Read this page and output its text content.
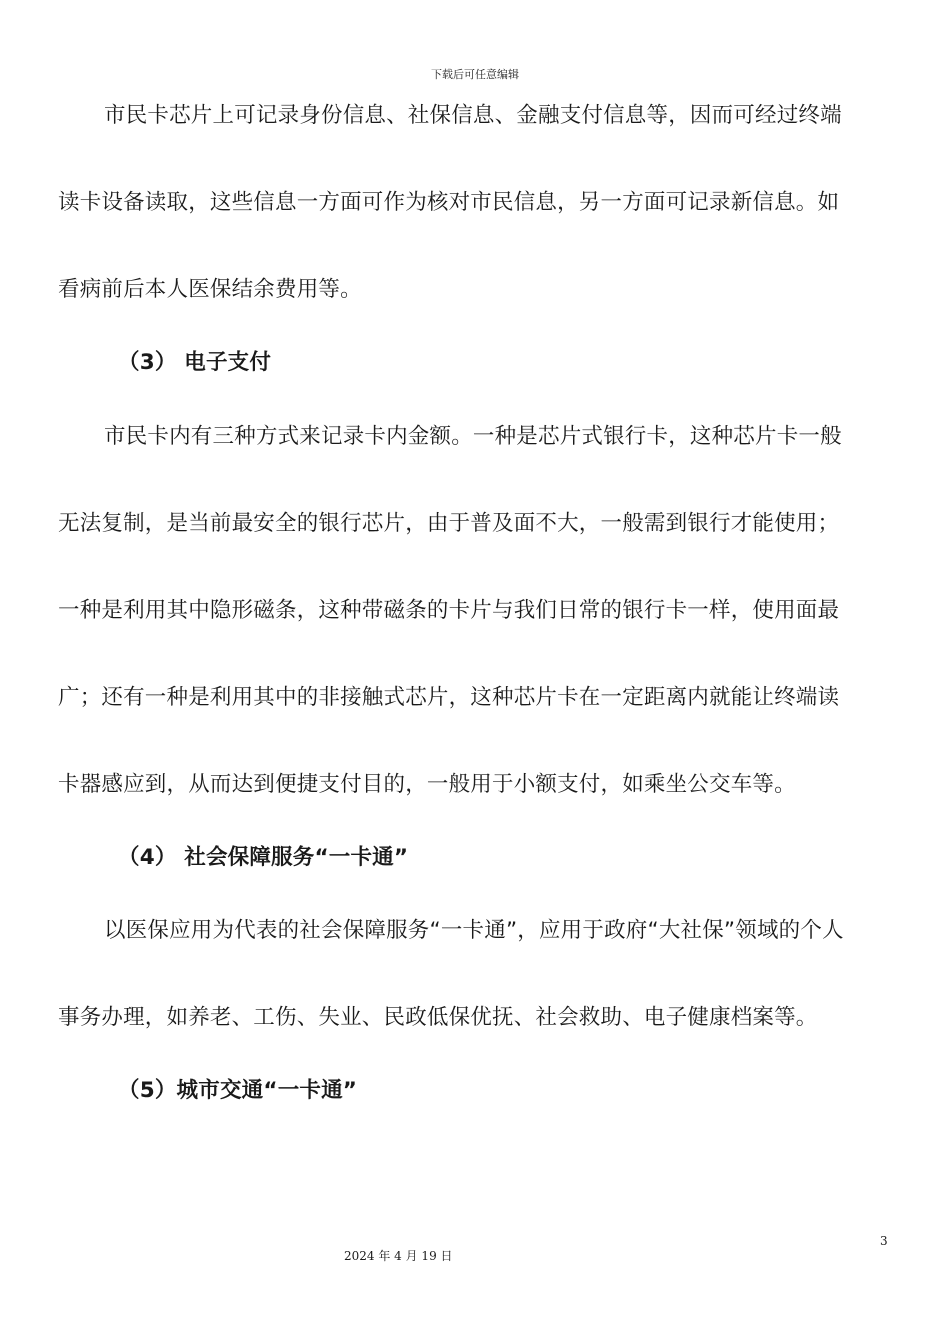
下载后可任意编辑
市民卡芯片上可记录身份信息、社保信息、金融支付信息等，因而可经过终端
读卡设备读取，这些信息一方面可作为核对市民信息，另一方面可记录新信息。如
看病前后本人医保结余费用等。
（3） 电子支付
市民卡内有三种方式来记录卡内金额。一种是芯片式银行卡，这种芯片卡一般
无法复制，是当前最安全的银行芯片，由于普及面不大，一般需到银行才能使用；
一种是利用其中隐形磁条，这种带磁条的卡片与我们日常的银行卡一样，使用面最
广；还有一种是利用其中的非接触式芯片，这种芯片卡在一定距离内就能让终端读
卡器感应到，从而达到便捷支付目的，一般用于小额支付，如乘坐公交车等。
（4） 社会保障服务“一卡通”
以医保应用为代表的社会保障服务“一卡通”，应用于政府“大社保”领域的个人
事务办理，如养老、工伤、失业、民政低保优抚、社会救助、电子健康档案等。
（5）城市交通“一卡通”
3
2024 年 4 月 19 日
